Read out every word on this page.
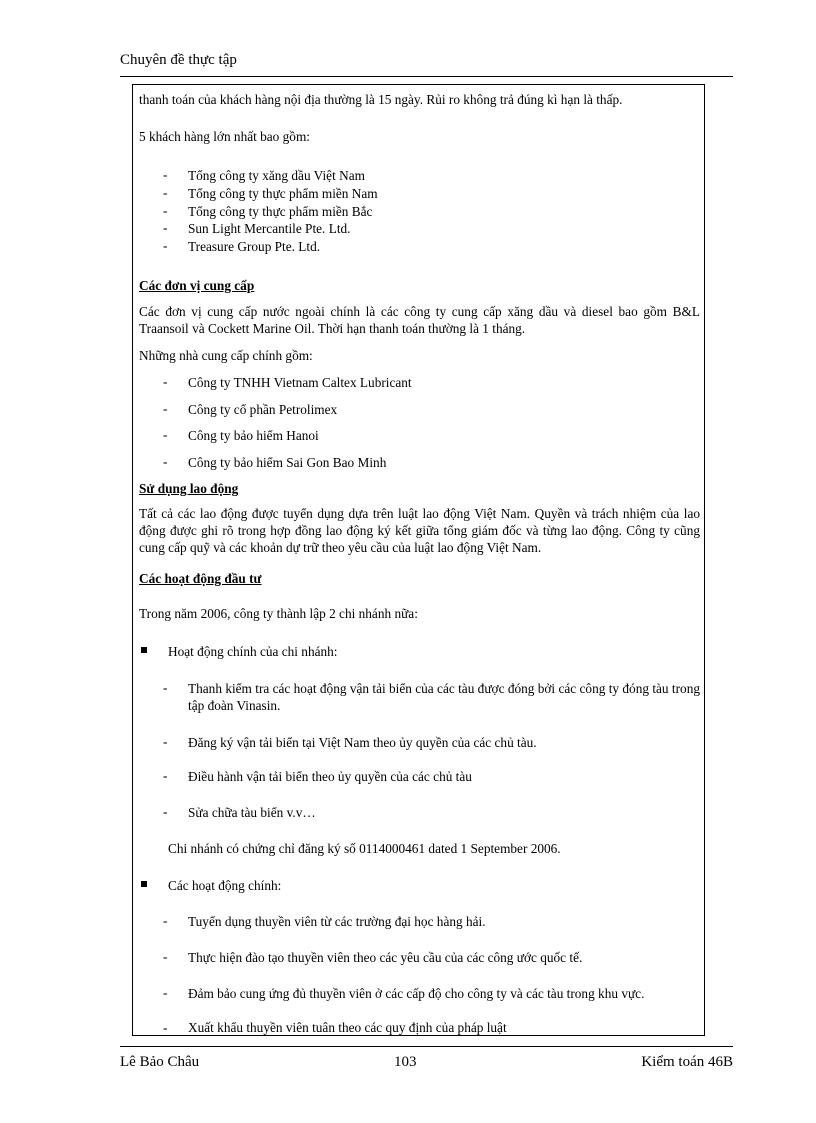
Chuyên đề thực tập
thanh toán của khách hàng nội địa thường là 15 ngày. Rủi ro không trả đúng kì hạn là thấp.
5 khách hàng lớn nhất bao gồm:
- Tổng công ty xăng dầu Việt Nam
- Tổng công ty thực phẩm miền Nam
- Tổng công ty thực phẩm miền Bắc
- Sun Light Mercantile Pte. Ltd.
- Treasure Group Pte. Ltd.
Các đơn vị cung cấp
Các đơn vị cung cấp nước ngoài chính là các công ty cung cấp xăng dầu và diesel bao gồm B&L Traansoil và Cockett Marine Oil. Thời hạn thanh toán thường là 1 tháng.
Những nhà cung cấp chính gồm:
- Công ty TNHH Vietnam Caltex Lubricant
- Công ty cổ phần Petrolimex
- Công ty bảo hiểm Hanoi
- Công ty bảo hiểm Sai Gon Bao Minh
Sử dụng lao động
Tất cả các lao động được tuyển dụng dựa trên luật lao động Việt Nam. Quyền và trách nhiệm của lao động được ghi rõ trong hợp đồng lao động ký kết giữa tổng giám đốc và từng lao động. Công ty cũng cung cấp quỹ và các khoản dự trữ theo yêu cầu của luật lao động Việt Nam.
Các hoạt động đầu tư
Trong năm 2006, công ty thành lập 2 chi nhánh nữa:
Hoạt động chính của chi nhánh:
- Thanh kiểm tra các hoạt động vận tải biển của các tàu được đóng bởi các công ty đóng tàu trong tập đoàn Vinasin.
- Đăng ký vận tải biển tại Việt Nam theo ủy quyền của các chủ tàu.
- Điều hành vận tải biển theo ủy quyền của các chủ tàu
- Sửa chữa tàu biển v.v…
Chi nhánh có chứng chỉ đăng ký số 0114000461 dated 1 September 2006.
Các hoạt động chính:
- Tuyển dụng thuyền viên từ các trường đại học hàng hải.
- Thực hiện đào tạo thuyền viên theo các yêu cầu của các công ước quốc tế.
- Đảm bảo cung ứng đủ thuyền viên ở các cấp độ cho công ty và các tàu trong khu vực.
- Xuất khẩu thuyền viên tuân theo các quy định của pháp luật
Lê Bảo Châu	103	Kiểm toán 46B
